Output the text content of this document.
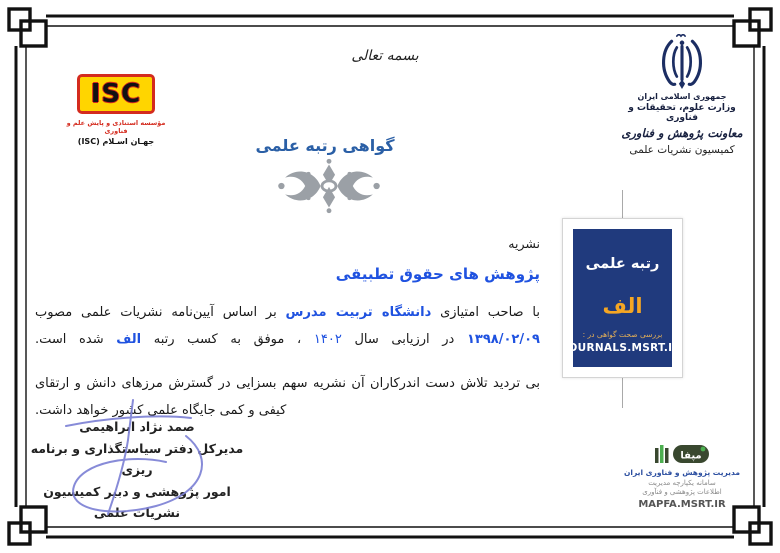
ISC
مؤسسه استنادی و پایش علم و فناوری
جهـان اسـلام (ISC)
بسمه تعالی
جمهوری اسلامی ایران
وزارت علوم، تحقیقات و فناوری
معاونت پژوهش و فناوری
کمیسیون نشریات علمی
گواهی رتبه علمی
نشریه
پژوهش های حقوق تطبیقی
با صاحب امتیازی دانشگاه تربیت مدرس بر اساس آیین‌نامه نشریات علمی مصوب
۱۳۹۸/۰۲/۰۹ در ارزیابی سال ۱۴۰۲ ، موفق به کسب رتبه الف شده است.
بی تردید تلاش دست اندرکاران آن نشریه سهم بسزایی در گسترش مرزهای دانش و ارتقای
کیفی و کمی جایگاه علمی کشور خواهد داشت.
رتبه علمی
الف
بررسی صحت گواهی در :
JOURNALS.MSRT.IR
صمد نژاد ابراهیمی
مدیرکل دفتر سیاستگذاری و برنامه ریزی
امور پژوهشی و دبیر کمیسیون
نشریات علمی
مپفا
مدیریت پژوهش و فناوری ایران
سامانه یکپارچه مدیریت
اطلاعات پژوهشی و فنآوری
MAPFA.MSRT.IR
